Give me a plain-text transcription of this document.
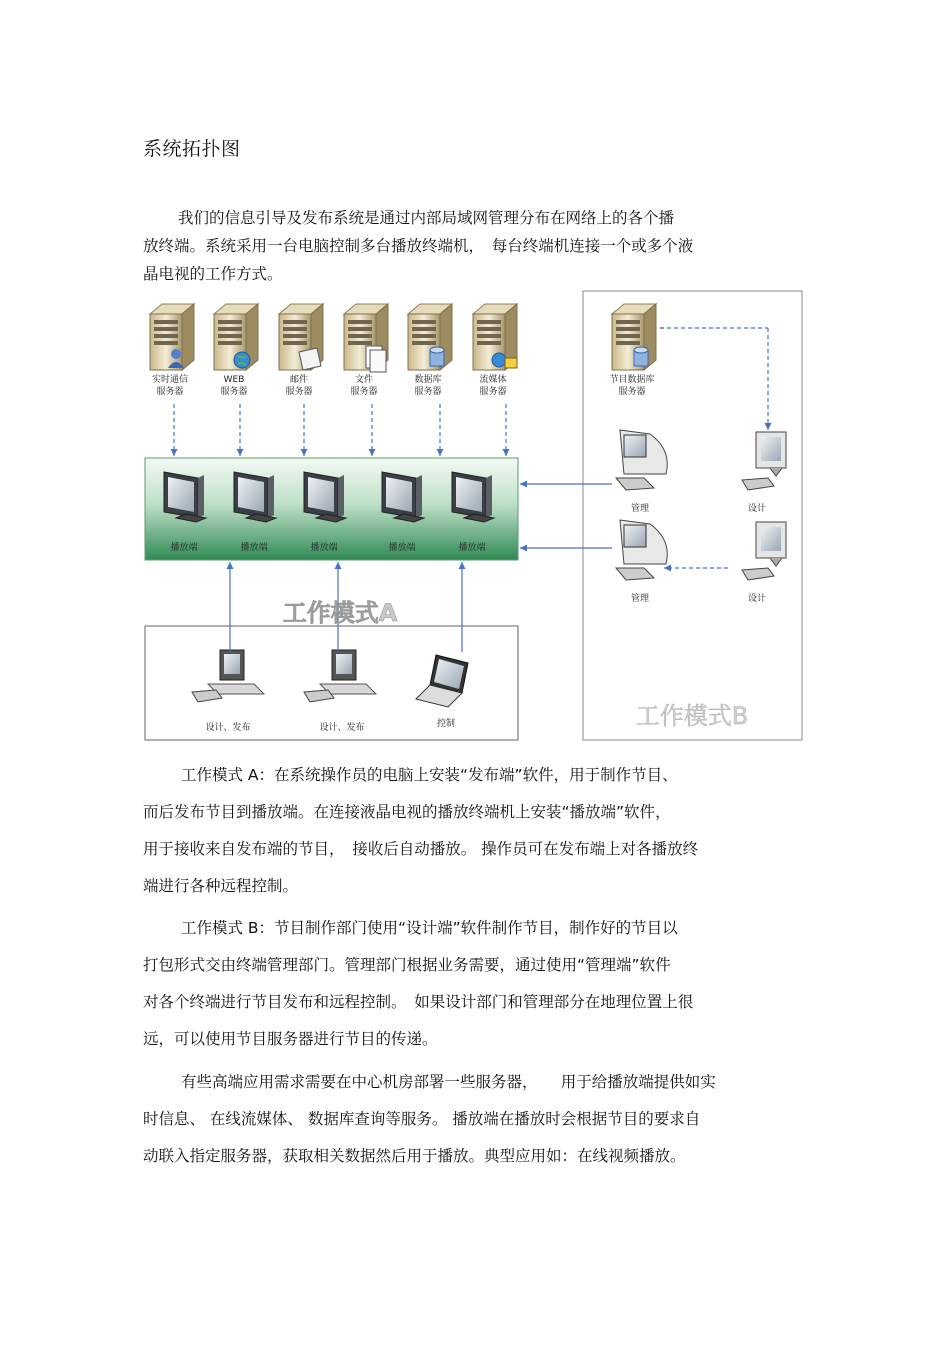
系统拓扑图
我们的信息引导及发布系统是通过内部局域网管理分布在网络上的各个播
放终端。系统采用一台电脑控制多台播放终端机，　每台终端机连接一个或多个液
晶电视的工作方式。
实时通信
服务器
WEB
服务器
邮件
服务器
文件
服务器
数据库
服务器
流媒体
服务器
播放端	播放端	播放端	播放端	播放端
设计、发布	设计、发布	控制
节目数据库
服务器
管理	设计
管理	设计
工作模式A
工作模式B
工作模式 A：在系统操作员的电脑上安装“发布端”软件，用于制作节目、
而后发布节目到播放端。在连接液晶电视的播放终端机上安装“播放端”软件，
用于接收来自发布端的节目，　接收后自动播放。 操作员可在发布端上对各播放终
端进行各种远程控制。
工作模式 B：节目制作部门使用“设计端”软件制作节目，制作好的节目以
打包形式交由终端管理部门。管理部门根据业务需要，通过使用“管理端”软件
对各个终端进行节目发布和远程控制。　如果设计部门和管理部分在地理位置上很
远，可以使用节目服务器进行节目的传递。
有些高端应用需求需要在中心机房部署一些服务器，　　用于给播放端提供如实
时信息、 在线流媒体、 数据库查询等服务。 播放端在播放时会根据节目的要求自
动联入指定服务器，获取相关数据然后用于播放。典型应用如：在线视频播放。
